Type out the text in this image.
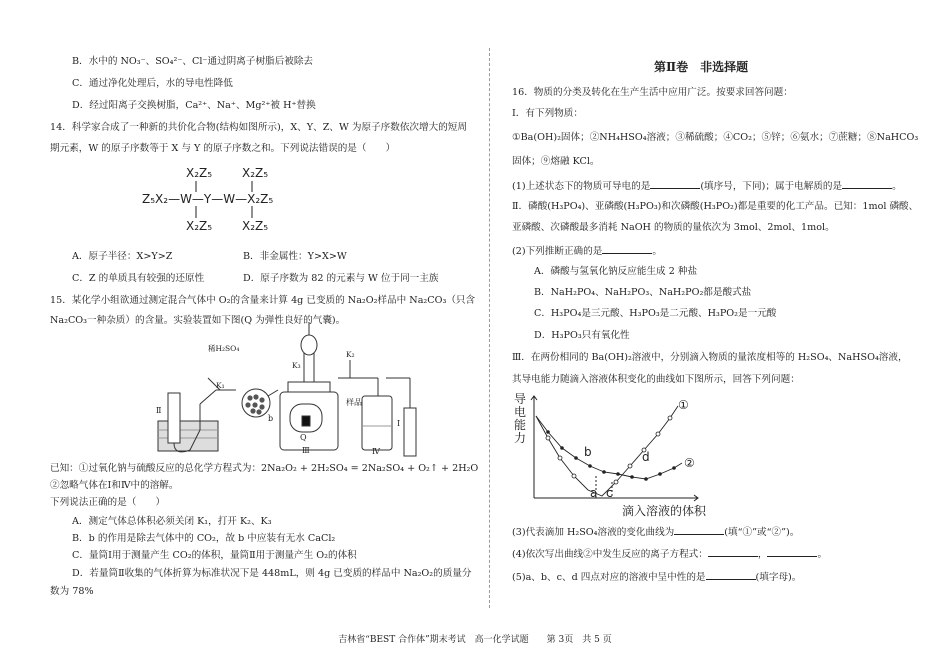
B．水中的 NO₃⁻、SO₄²⁻、Cl⁻通过阴离子树脂后被除去
C．通过净化处理后，水的导电性降低
D．经过阳离子交换树脂，Ca²⁺、Na⁺、Mg²⁺被 H⁺替换
14．科学家合成了一种新的共价化合物(结构如图所示)，X、Y、Z、W 为原子序数依次增大的短周
期元素，W 的原子序数等于 X 与 Y 的原子序数之和。下列说法错误的是（　　）
X₂Z₅ X₂Z₅
Z₅X₂—W—Y—W—X₂Z₅
X₂Z₅ X₂Z₅
A．原子半径：X>Y>Z	B．非金属性：Y>X>W
C．Z 的单质具有较强的还原性	D．原子序数为 82 的元素与 W 位于同一主族
15．某化学小组欲通过测定混合气体中 O₂的含量来计算 4g 已变质的 Na₂O₂样品中 Na₂CO₃（只含
Na₂CO₃一种杂质）的含量。实验装置如下图(Q 为弹性良好的气囊)。
稀H₂SO₄
K₂
K₃
K₁
样品
b
Q
Ⅱ
Ⅲ	Ⅳ
Ⅰ
已知：①过氧化钠与硫酸反应的总化学方程式为：2Na₂O₂ + 2H₂SO₄ = 2Na₂SO₄ + O₂↑ + 2H₂O
②忽略气体在Ⅰ和Ⅳ中的溶解。
下列说法正确的是（　　）
A．测定气体总体积必须关闭 K₁，打开 K₂、K₃
B．b 的作用是除去气体中的 CO₂，故 b 中应装有无水 CaCl₂
C．量筒Ⅰ用于测量产生 CO₂的体积，量筒Ⅱ用于测量产生 O₂的体积
D．若量筒Ⅱ收集的气体折算为标准状况下是 448mL，则 4g 已变质的样品中 Na₂O₂的质量分
数为 78%
第Ⅱ卷　非选择题
16．物质的分类及转化在生产生活中应用广泛。按要求回答问题：
Ⅰ．有下列物质：
①Ba(OH)₂固体；②NH₄HSO₄溶液；③稀硫酸；④CO₂；⑤锌；⑥氨水；⑦蔗糖；⑧NaHCO₃
固体；⑨熔融 KCl。
(1)上述状态下的物质可导电的是	(填序号，下同)；属于电解质的是	。
Ⅱ．磷酸(H₃PO₄)、亚磷酸(H₃PO₃)和次磷酸(H₃PO₂)都是重要的化工产品。已知：1mol 磷酸、
亚磷酸、次磷酸最多消耗 NaOH 的物质的量依次为 3mol、2mol、1mol。
(2)下列推断正确的是	。
A．磷酸与氢氧化钠反应能生成 2 种盐
B．NaH₂PO₄、NaH₂PO₃、NaH₂PO₂都是酸式盐
C．H₃PO₄是三元酸、H₃PO₃是二元酸、H₃PO₂是一元酸
D．H₃PO₃只有氧化性
Ⅲ．在两份相同的 Ba(OH)₂溶液中，分别滴入物质的量浓度相等的 H₂SO₄、NaHSO₄溶液，
其导电能力随滴入溶液体积变化的曲线如下图所示，回答下列问题：
导
电
能
力
①
②
a
b
c
d
滴入溶液的体积
(3)代表滴加 H₂SO₄溶液的变化曲线为	(填“①”或“②”)。
(4)依次写出曲线②中发生反应的离子方程式：	，	。
(5)a、b、c、d 四点对应的溶液中呈中性的是	(填字母)。
吉林省“BEST 合作体”期末考试　高一化学试题　　第 3页　共 5 页
